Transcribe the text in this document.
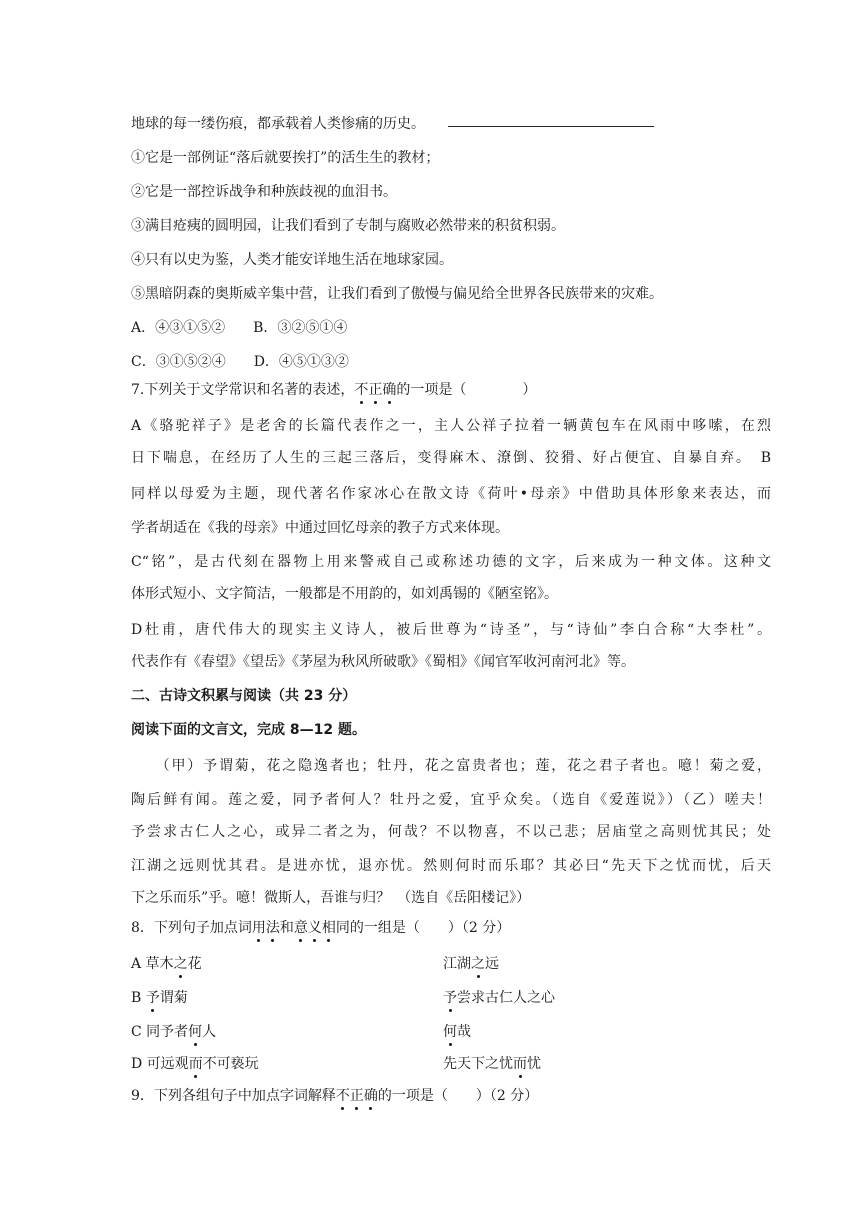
地球的每一缕伤痕，都承载着人类惨痛的历史。
①它是一部例证“落后就要挨打”的活生生的教材；
②它是一部控诉战争和种族歧视的血泪书。
③满目疮痍的圆明园，让我们看到了专制与腐败必然带来的积贫积弱。
④只有以史为鉴，人类才能安详地生活在地球家园。
⑤黑暗阴森的奥斯威辛集中营，让我们看到了傲慢与偏见给全世界各民族带来的灾难。
A．④③①⑤②　　B．③②⑤①④
C．③①⑤②④　　D．④⑤①③②
7.下列关于文学常识和名著的表述，不正确的一项是（　　　　）
A《骆驼祥子》是老舍的长篇代表作之一，主人公祥子拉着一辆黄包车在风雨中哆嗦，在烈
日下喘息，在经历了人生的三起三落后，变得麻木、潦倒、狡猾、好占便宜、自暴自弃。　B
同样以母爱为主题，现代著名作家冰心在散文诗《荷叶•母亲》中借助具体形象来表达，而
学者胡适在《我的母亲》中通过回忆母亲的教子方式来体现。
C“铭”，是古代刻在器物上用来警戒自己或称述功德的文字，后来成为一种文体。这种文
体形式短小、文字简洁，一般都是不用韵的，如刘禹锡的《陋室铭》。
D杜甫，唐代伟大的现实主义诗人，被后世尊为“诗圣”，与“诗仙”李白合称“大李杜”。
代表作有《春望》《望岳》《茅屋为秋风所破歌》《蜀相》《闻官军收河南河北》等。
二、古诗文积累与阅读（共 23 分）
阅读下面的文言文，完成 8—12 题。
　　（甲）予谓菊，花之隐逸者也；牡丹，花之富贵者也；莲，花之君子者也。噫！菊之爱，
陶后鲜有闻。莲之爱，同予者何人？牡丹之爱，宜乎众矣。（选自《爱莲说》）（乙）嗟夫！
予尝求古仁人之心，或异二者之为，何哉？不以物喜，不以己悲；居庙堂之高则忧其民；处
江湖之远则忧其君。是进亦忧，退亦忧。然则何时而乐耶？其必曰“先天下之忧而忧，后天
下之乐而乐”乎。噫！微斯人，吾谁与归？　（选自《岳阳楼记》）
8．下列句子加点词用法和意义相同的一组是（　　）（2 分）
A 草木之花	江湖之远
B 予谓菊	予尝求古仁人之心
C 同予者何人	何哉
D 可远观而不可亵玩	先天下之忧而忧
9．下列各组句子中加点字词解释不正确的一项是（　　）（2 分）
